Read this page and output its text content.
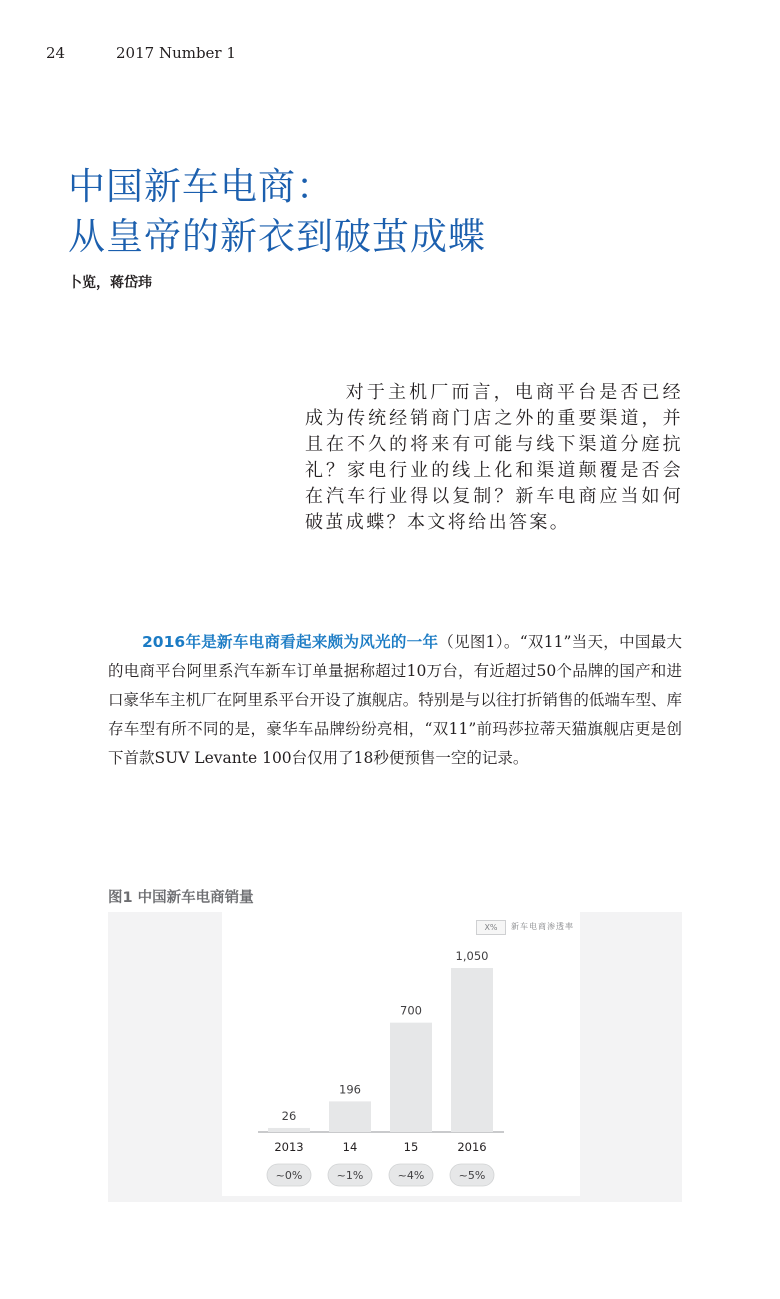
24	2017 Number 1
中国新车电商：
从皇帝的新衣到破茧成蝶
卜览，蒋岱玮
对于主机厂而言，电商平台是否已经成为传统经销商门店之外的重要渠道，并且在不久的将来有可能与线下渠道分庭抗礼？家电行业的线上化和渠道颠覆是否会在汽车行业得以复制？新车电商应当如何破茧成蝶？本文将给出答案。
2016年是新车电商看起来颇为风光的一年（见图1）。“双11”当天，中国最大的电商平台阿里系汽车新车订单量据称超过10万台，有近超过50个品牌的国产和进口豪华车主机厂在阿里系平台开设了旗舰店。特别是与以往打折销售的低端车型、库存车型有所不同的是，豪华车品牌纷纷亮相，“双11”前玛莎拉蒂天猫旗舰店更是创下首款SUV Levante 100台仅用了18秒便预售一空的记录。
图1 中国新车电商销量
26
2013
~0%
196
14
~1%
700
15
~4%
1,050
2016
~5%
X%	新车电商渗透率
